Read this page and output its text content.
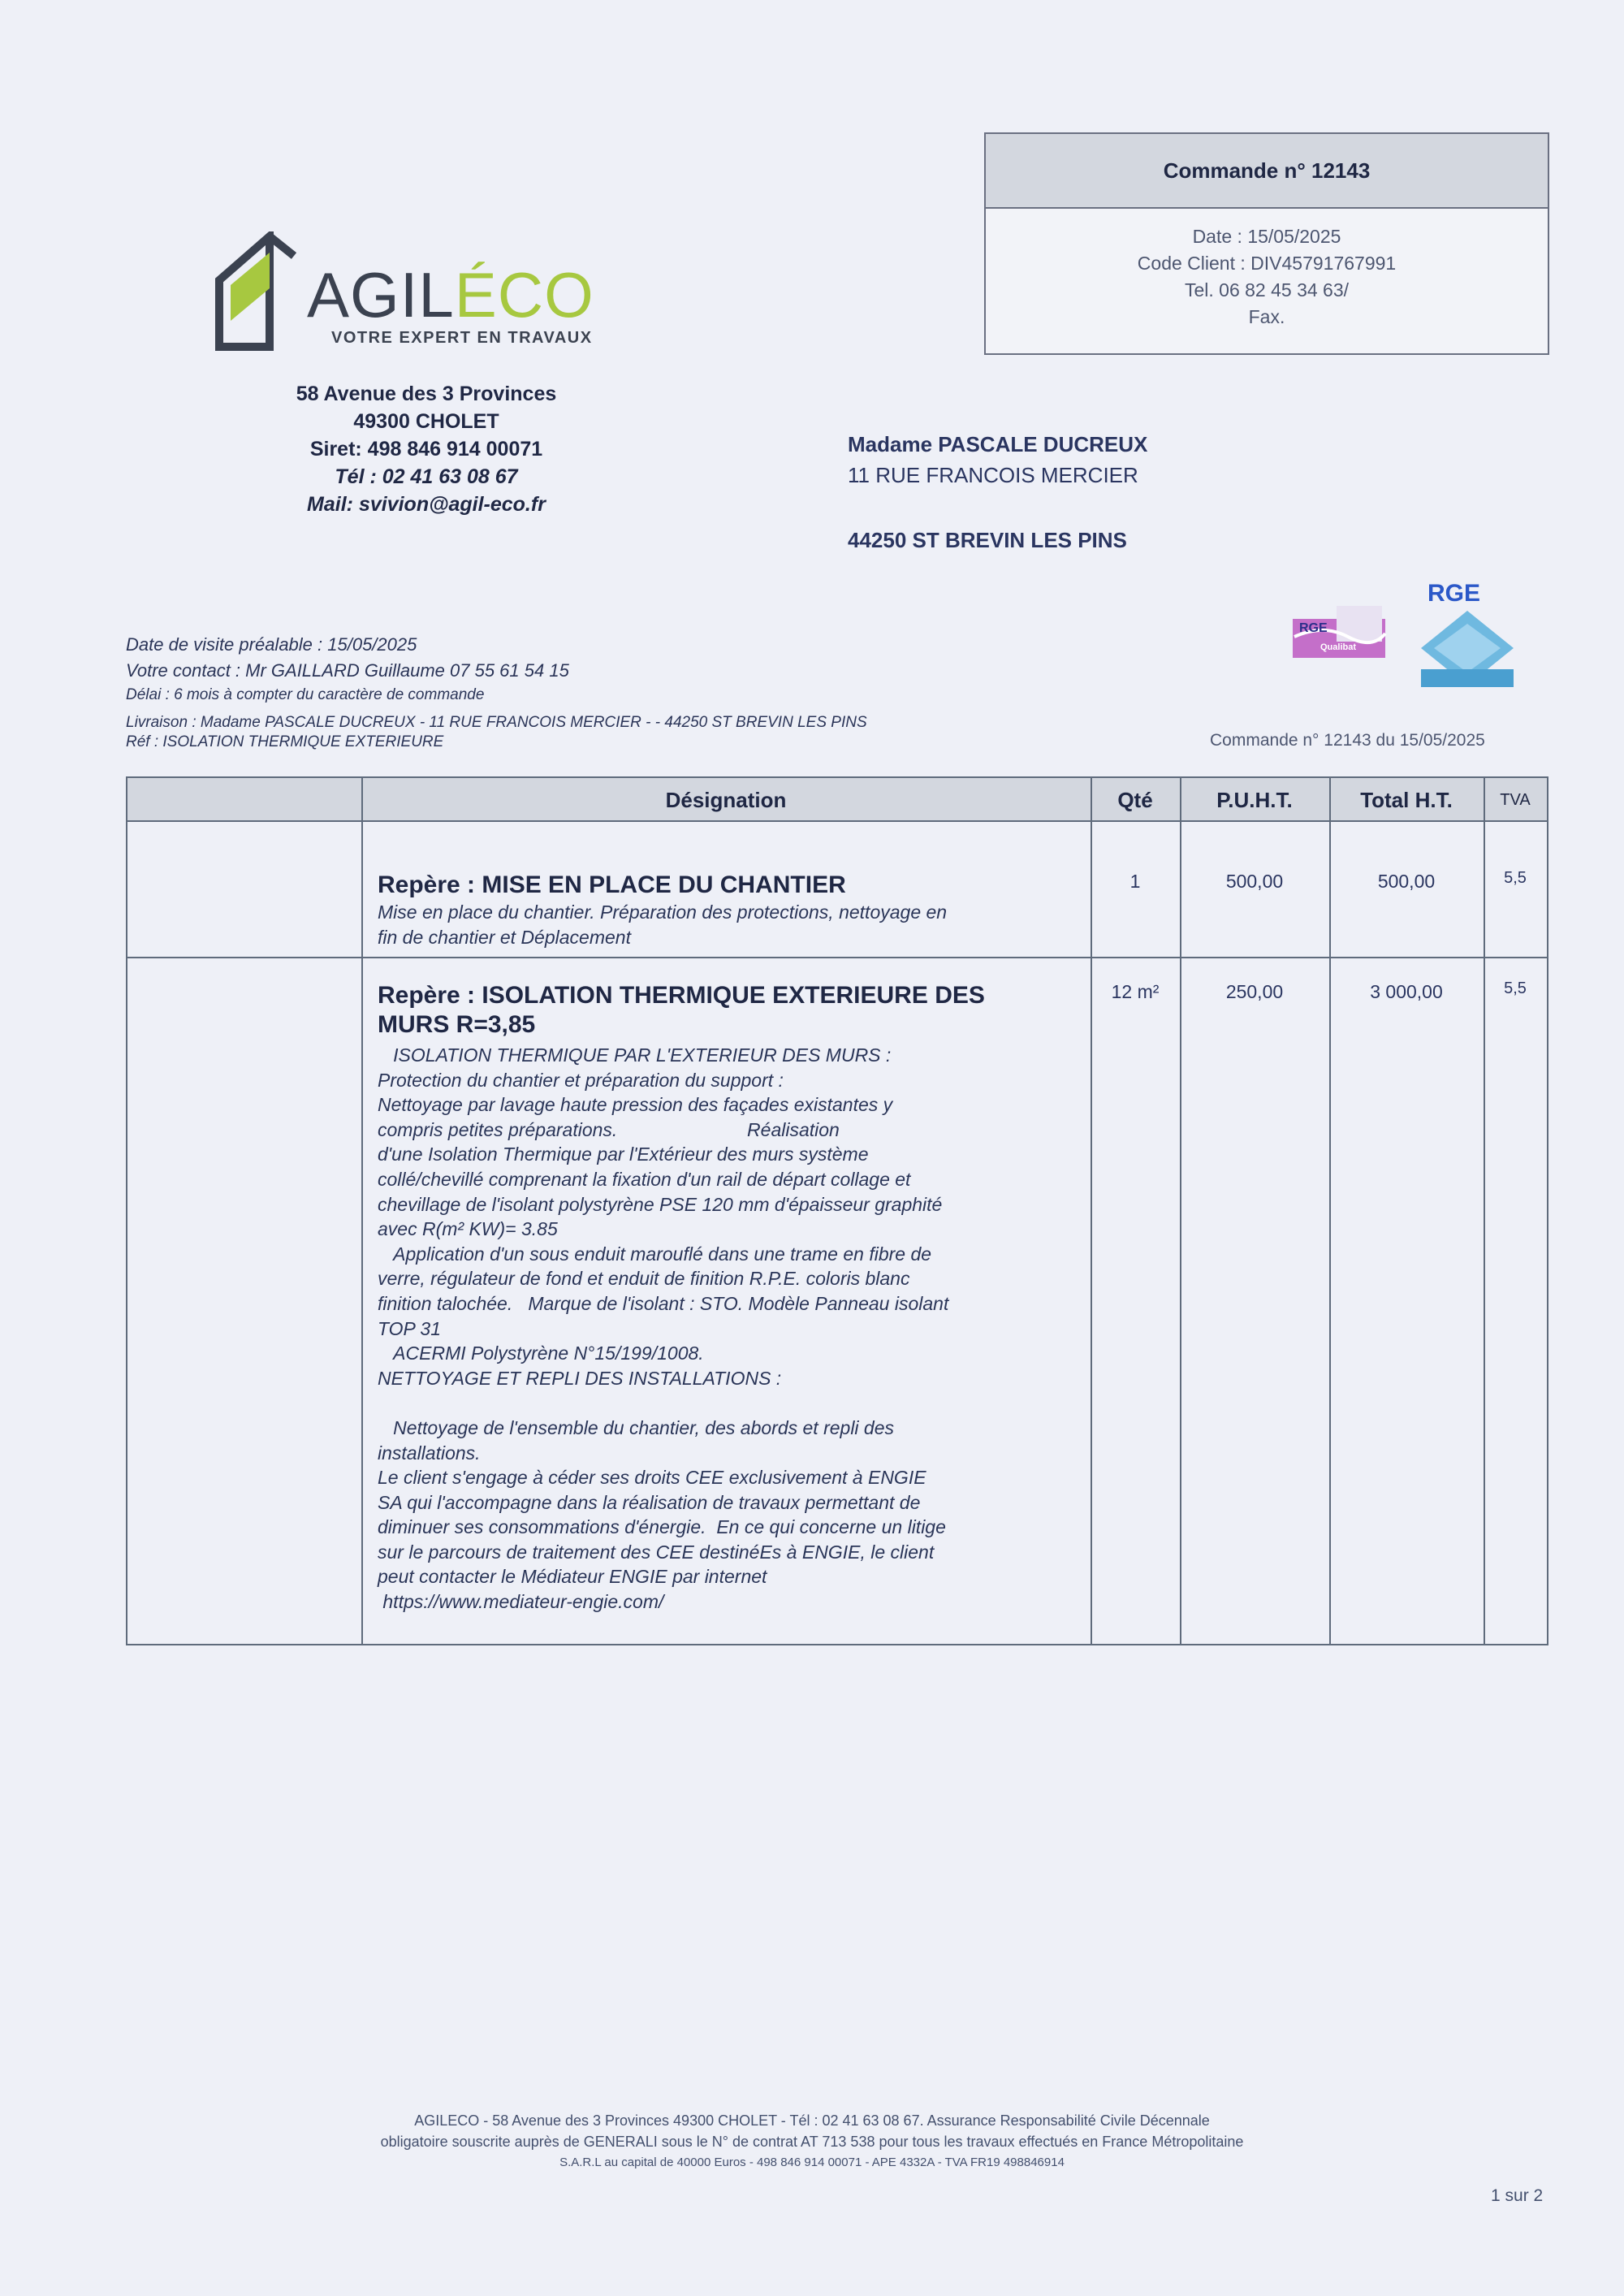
AGILÉCO
VOTRE EXPERT EN TRAVAUX
58 Avenue des 3 Provinces
49300 CHOLET
Siret: 498 846 914 00071
Tél : 02 41 63 08 67
Mail: svivion@agil-eco.fr
Commande n° 12143
Date : 15/05/2025
Code Client : DIV45791767991
Tel. 06 82 45 34 63/
Fax.
Madame PASCALE DUCREUX
11 RUE FRANCOIS MERCIER
44250 ST BREVIN LES PINS
RGE
Qualibat
RGE
Date de visite préalable : 15/05/2025
Votre contact : Mr GAILLARD Guillaume 07 55 61 54 15
Délai : 6 mois à compter du caractère de commande
Livraison : Madame PASCALE DUCREUX - 11 RUE FRANCOIS MERCIER - - 44250 ST BREVIN LES PINS
Réf : ISOLATION THERMIQUE EXTERIEURE	Commande n° 12143 du 15/05/2025
Désignation	Qté	P.U.H.T.	Total H.T.	TVA
Repère : MISE EN PLACE DU CHANTIER
Mise en place du chantier. Préparation des protections, nettoyage en
fin de chantier et Déplacement
1	500,00	500,00	5,5
Repère : ISOLATION THERMIQUE EXTERIEURE DES MURS R=3,85
ISOLATION THERMIQUE PAR L'EXTERIEUR DES MURS :
Protection du chantier et préparation du support :
Nettoyage par lavage haute pression des façades existantes y
compris petites préparations.                         Réalisation
d'une Isolation Thermique par l'Extérieur des murs système
collé/chevillé comprenant la fixation d'un rail de départ collage et
chevillage de l'isolant polystyrène PSE 120 mm d'épaisseur graphité
avec R(m² KW)= 3.85
Application d'un sous enduit marouflé dans une trame en fibre de
verre, régulateur de fond et enduit de finition R.P.E. coloris blanc
finition talochée.   Marque de l'isolant : STO. Modèle Panneau isolant
TOP 31
ACERMI Polystyrène N°15/199/1008.
NETTOYAGE ET REPLI DES INSTALLATIONS :

Nettoyage de l'ensemble du chantier, des abords et repli des
installations.
Le client s'engage à céder ses droits CEE exclusivement à ENGIE
SA qui l'accompagne dans la réalisation de travaux permettant de
diminuer ses consommations d'énergie.  En ce qui concerne un litige
sur le parcours de traitement des CEE destinéEs à ENGIE, le client
peut contacter le Médiateur ENGIE par internet
https://www.mediateur-engie.com/
12 m²	250,00	3 000,00	5,5
AGILECO - 58 Avenue des 3 Provinces 49300 CHOLET - Tél : 02 41 63 08 67. Assurance Responsabilité Civile Décennale
obligatoire souscrite auprès de GENERALI sous le N° de contrat AT 713 538 pour tous les travaux effectués en France Métropolitaine
S.A.R.L au capital de 40000 Euros - 498 846 914 00071 - APE 4332A - TVA FR19 498846914
1 sur 2
